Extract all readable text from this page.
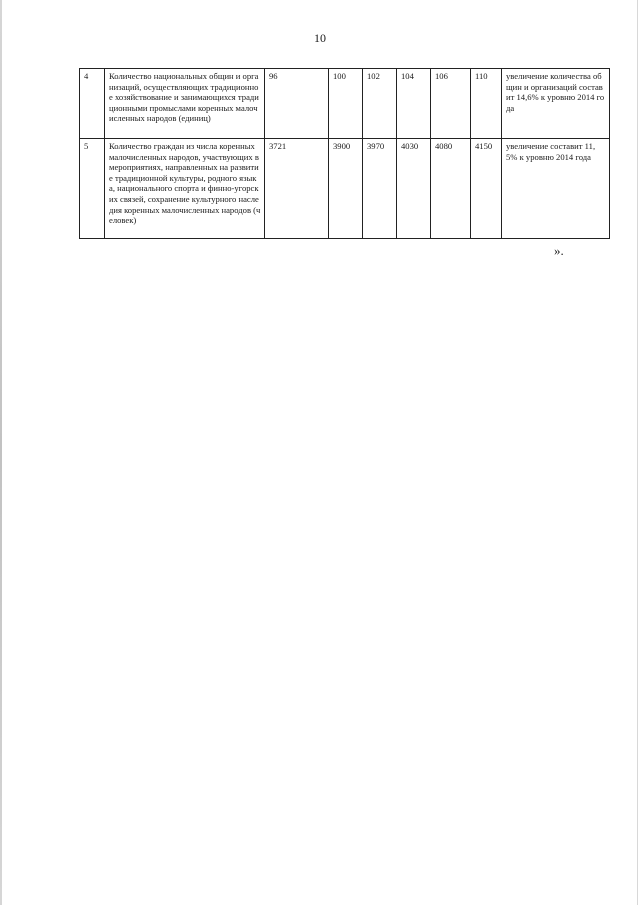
10
4	Количество национальных общин и организаций, осуществляющих традиционное хозяйствование и занимающихся традиционными промыслами коренных малочисленных народов (единиц)	96	100	102	104	106	110	увеличение количества общин и организаций составит 14,6% к уровню 2014 года
5	Количество граждан из числа коренных малочисленных народов, участвующих в мероприятиях, направленных на развитие традиционной культуры, родного языка, национального спорта и финно-угорских связей, сохранение культурного наследия коренных малочисленных народов (человек)	3721	3900	3970	4030	4080	4150	увеличение составит 11,5% к уровню 2014 года
».
